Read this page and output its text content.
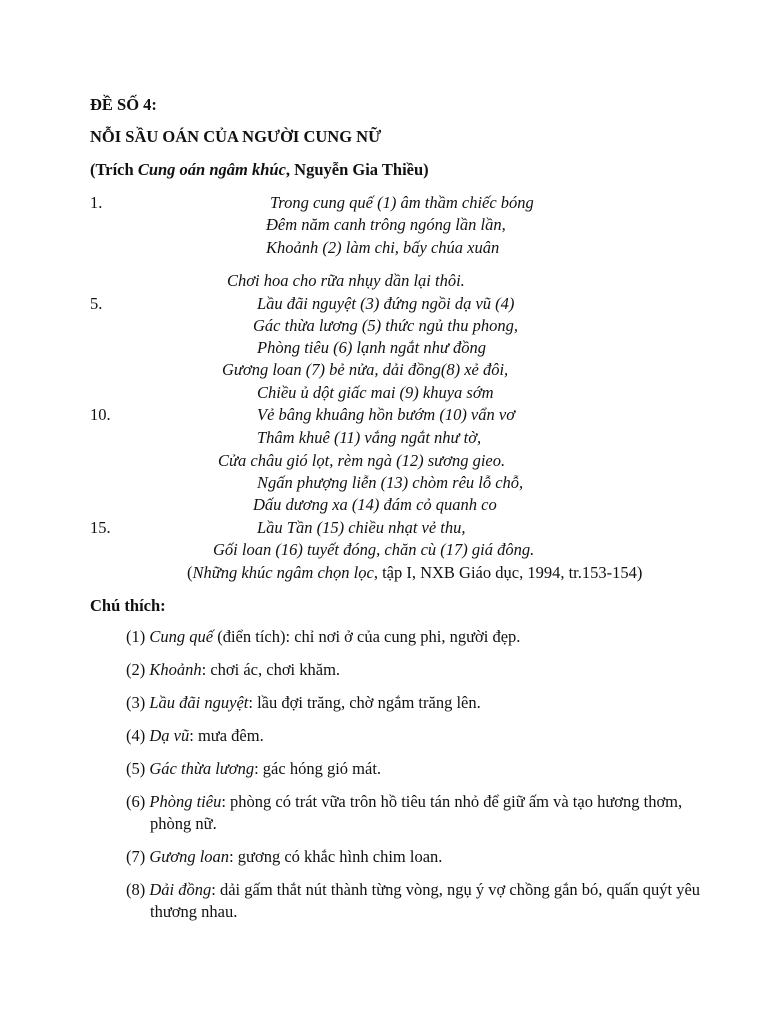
ĐỀ SỐ 4:
NỖI SẦU OÁN CỦA NGƯỜI CUNG NỮ
(Trích Cung oán ngâm khúc, Nguyễn Gia Thiều)
1.
5.
10.
15.
Trong cung quế (1) âm thầm chiếc bóng
Đêm năm canh trông ngóng lần lần,
Khoảnh (2) làm chi, bấy chúa xuân
Chơi hoa cho rữa nhụy dần lại thôi.
Lầu đãi nguyệt (3) đứng ngồi dạ vũ (4)
Gác thừa lương (5) thức ngủ thu phong,
Phòng tiêu (6) lạnh ngắt như đồng
Gương loan (7) bẻ nửa, dải đồng(8) xẻ đôi,
Chiều ủ dột giấc mai (9) khuya sớm
Vẻ bâng khuâng hồn bướm (10) vẩn vơ
Thâm khuê (11) vắng ngắt như tờ,
Cửa châu gió lọt, rèm ngà (12) sương gieo.
Ngấn phượng liễn (13) chòm rêu lỗ chỗ,
Dấu dương xa (14) đám cỏ quanh co
Lầu Tần (15) chiều nhạt vẻ thu,
Gối loan (16) tuyết đóng, chăn cù (17) giá đông.
(Những khúc ngâm chọn lọc, tập I, NXB Giáo dục, 1994, tr.153-154)
Chú thích:
(1) Cung quế (điển tích): chỉ nơi ở của cung phi, người đẹp.
(2) Khoảnh: chơi ác, chơi khăm.
(3) Lầu đãi nguyệt: lầu đợi trăng, chờ ngắm trăng lên.
(4) Dạ vũ: mưa đêm.
(5) Gác thừa lương: gác hóng gió mát.
(6) Phòng tiêu: phòng có trát vữa trôn hồ tiêu tán nhỏ để giữ ấm và tạo hương thơm, phòng nữ.
(7) Gương loan: gương có khắc hình chim loan.
(8) Dải đồng: dải gấm thắt nút thành từng vòng, ngụ ý vợ chồng gắn bó, quấn quýt yêu thương nhau.
